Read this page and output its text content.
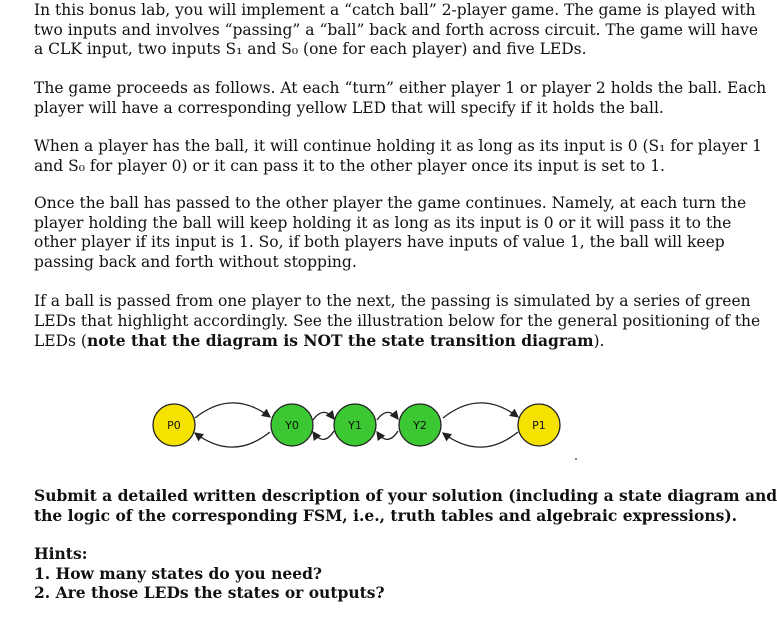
In this bonus lab, you will implement a “catch ball” 2-player game. The game is played with
two inputs and involves “passing” a “ball” back and forth across circuit. The game will have
a CLK input, two inputs S₁ and S₀ (one for each player) and five LEDs.
The game proceeds as follows. At each “turn” either player 1 or player 2 holds the ball. Each
player will have a corresponding yellow LED that will specify if it holds the ball.
When a player has the ball, it will continue holding it as long as its input is 0 (S₁ for player 1
and S₀ for player 0) or it can pass it to the other player once its input is set to 1.
Once the ball has passed to the other player the game continues. Namely, at each turn the
player holding the ball will keep holding it as long as its input is 0 or it will pass it to the
other player if its input is 1. So, if both players have inputs of value 1, the ball will keep
passing back and forth without stopping.
If a ball is passed from one player to the next, the passing is simulated by a series of green
LEDs that highlight accordingly. See the illustration below for the general positioning of the
LEDs (note that the diagram is NOT the state transition diagram).
P0	Y0	Y1	Y2	P1
Submit a detailed written description of your solution (including a state diagram and
the logic of the corresponding FSM, i.e., truth tables and algebraic expressions).
Hints:
1. How many states do you need?
2. Are those LEDs the states or outputs?
